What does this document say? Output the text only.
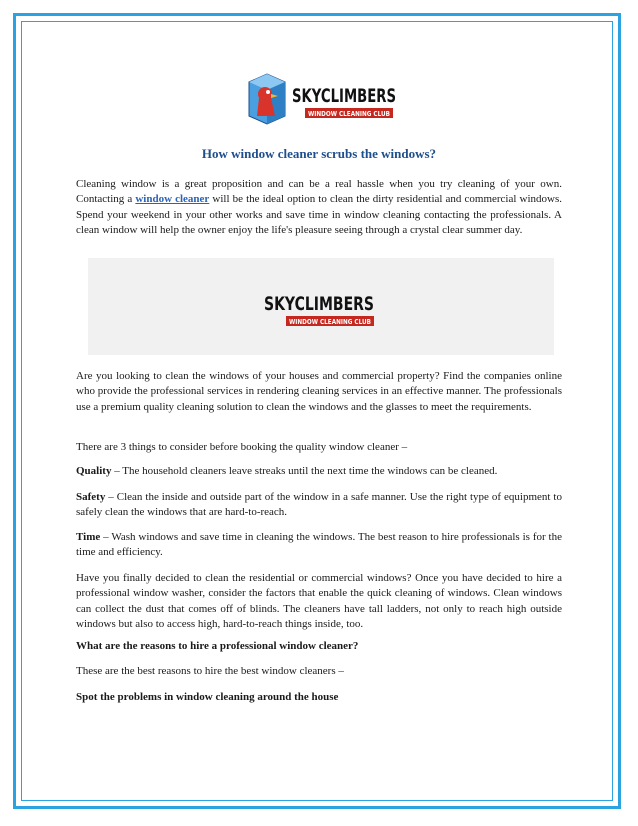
SKYCLIMBERS
WINDOW CLEANING CLUB
How window cleaner scrubs the windows?

Cleaning window is a great proposition and can be a real hassle when you try cleaning of your own. Contacting a window cleaner will be the ideal option to clean the dirty residential and commercial windows. Spend your weekend in your other works and save time in window cleaning contacting the professionals. A clean window will help the owner enjoy the life's pleasure seeing through a crystal clear summer day.

SKYCLIMBERS
WINDOW CLEANING CLUB

Are you looking to clean the windows of your houses and commercial property? Find the companies online who provide the professional services in rendering cleaning services in an effective manner. The professionals use a premium quality cleaning solution to clean the windows and the glasses to meet the requirements.

There are 3 things to consider before booking the quality window cleaner –

Quality – The household cleaners leave streaks until the next time the windows can be cleaned.

Safety – Clean the inside and outside part of the window in a safe manner. Use the right type of equipment to safely clean the windows that are hard-to-reach.

Time – Wash windows and save time in cleaning the windows. The best reason to hire professionals is for the time and efficiency.

Have you finally decided to clean the residential or commercial windows? Once you have decided to hire a professional window washer, consider the factors that enable the quick cleaning of windows. Clean windows can collect the dust that comes off of blinds. The cleaners have tall ladders, not only to reach high outside windows but also to access high, hard-to-reach things inside, too.

What are the reasons to hire a professional window cleaner?

These are the best reasons to hire the best window cleaners –

Spot the problems in window cleaning around the house
